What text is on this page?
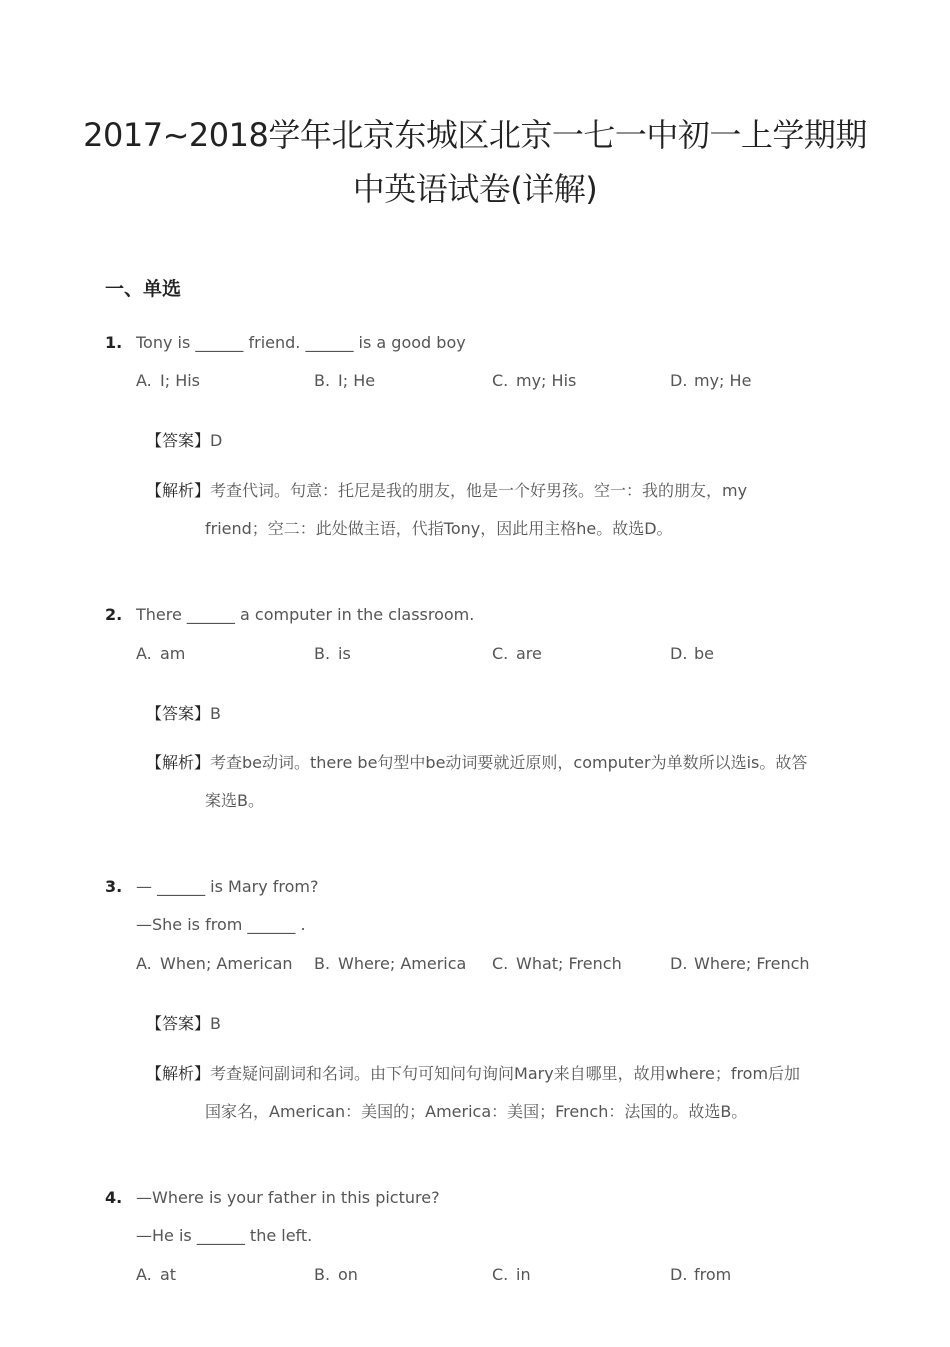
2017~2018学年北京东城区北京一七一中初一上学期期
中英语试卷(详解)
一、单选
1. Tony is ______ friend. ______ is a good boy
A. I; His	B. I; He	C. my; His	D. my; He
【答案】D
【解析】考查代词。句意：托尼是我的朋友，他是一个好男孩。空一：我的朋友，my
friend；空二：此处做主语，代指Tony，因此用主格he。故选D。
2. There ______ a computer in the classroom.
A. am	B. is	C. are	D. be
【答案】B
【解析】考查be动词。there be句型中be动词要就近原则，computer为单数所以选is。故答
案选B。
3. — ______ is Mary from?
—She is from ______ .
A. When; American B. Where; America C. What; French	D. Where; French
【答案】B
【解析】考查疑问副词和名词。由下句可知问句询问Mary来自哪里，故用where；from后加
国家名，American：美国的；America：美国；French：法国的。故选B。
4. —Where is your father in this picture?
—He is ______ the left.
A. at	B. on	C. in	D. from
